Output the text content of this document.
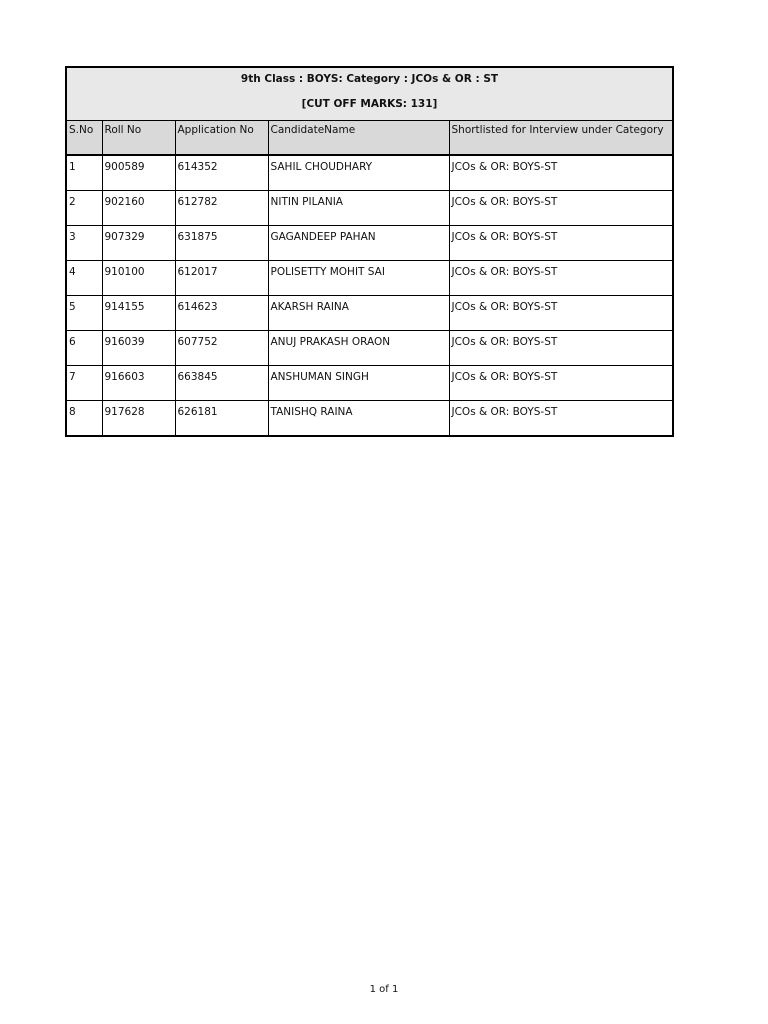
9th Class : BOYS: Category : JCOs & OR : ST
[CUT OFF MARKS: 131]				

S.No	Roll No	Application No	CandidateName	Shortlisted for Interview under Category
1	900589	614352	SAHIL CHOUDHARY	JCOs & OR: BOYS-ST
2	902160	612782	NITIN PILANIA	JCOs & OR: BOYS-ST
3	907329	631875	GAGANDEEP PAHAN	JCOs & OR: BOYS-ST
4	910100	612017	POLISETTY MOHIT SAI	JCOs & OR: BOYS-ST
5	914155	614623	AKARSH RAINA	JCOs & OR: BOYS-ST
6	916039	607752	ANUJ PRAKASH ORAON	JCOs & OR: BOYS-ST
7	916603	663845	ANSHUMAN SINGH	JCOs & OR: BOYS-ST
8	917628	626181	TANISHQ RAINA	JCOs & OR: BOYS-ST
1 of 1
